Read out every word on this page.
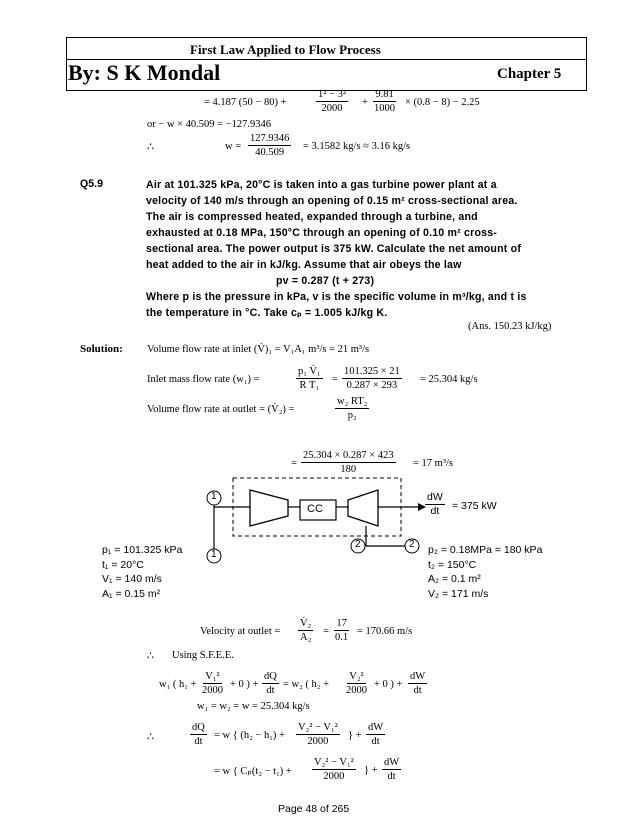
First Law Applied to Flow Process
By: S K Mondal	Chapter 5
= 4.187 (50 − 80) +	$\frac{\text{1² − 3²}}{2000} + \frac{9.81}{1000} \times (0.8 - 8) - 2.25$
or − w × 40.509 = −127.9346
∴	$w = \frac{127.9346}{40.509} = 3.1582$ kg/s ≈ 3.16 kg/s
Q5.9	Air at 101.325 kPa, 20°C is taken into a gas turbine power plant at a
velocity of 140 m/s through an opening of 0.15 m² cross-sectional area.
The air is compressed heated, expanded through a turbine, and
exhausted at 0.18 MPa, 150°C through an opening of 0.10 m² cross-
sectional area. The power output is 375 kW. Calculate the net amount of
heat added to the air in kJ/kg. Assume that air obeys the law
pv = 0.287 (t + 273)
Where p is the pressure in kPa, v is the specific volume in m³/kg, and t is
the temperature in °C. Take cₚ = 1.005 kJ/kg K.
(Ans. 150.23 kJ/kg)
Solution: Volume flow rate at inlet (V̇)₁ = V₁A₁ m³/s = 21 m³/s
Inlet mass flow rate (w₁) =	$\frac{\text{p₁ V̇₁}}{\text{R T₁}} = \frac{101.325 \times 21}{0.287 \times 293} = 25.304$ kg/s
Volume flow rate at outlet = (V̇₂) =	$\frac{\text{w₂ RT₂}}{\text{p₂}}$
= $\frac{25.304 \times 0.287 \times 423}{180} = 17$ m³/s
CC
1
1
2	2
$\frac{dW}{dt} = 375$ kW
p₁ = 101.325 kPa
t₁ = 20°C
V₁ = 140 m/s
A₁ = 0.15 m²
p₂ = 0.18MPa = 180 kPa
t₂ = 150°C
A₂ = 0.1 m²
V₂ = 171 m/s
Velocity at outlet = $\frac{\text{V̇₂}}{\text{A₂}} = \frac{17}{0.1} = 170.66$ m/s
∴ Using S.F.E.E.
w₁ ( $h_1 + \frac{\text{V₁²}}{2000} + 0$ ) + $\frac{dQ}{dt} = w_2$ ( $h_2 + \frac{\text{V₂²}}{2000} + 0$ ) + $\frac{dW}{dt}$
w₁ = w₂ = w = 25.304 kg/s
∴	$\frac{dQ}{dt} = w$ { $(h_2 - h_1) + \frac{\text{V₂² − V₁²}}{2000}$ } + $\frac{dW}{dt}$
= w { $C_p(t_2 - t_1) + \frac{\text{V₂² − V₁²}}{2000}$ } + $\frac{dW}{dt}$
Page 48 of 265
